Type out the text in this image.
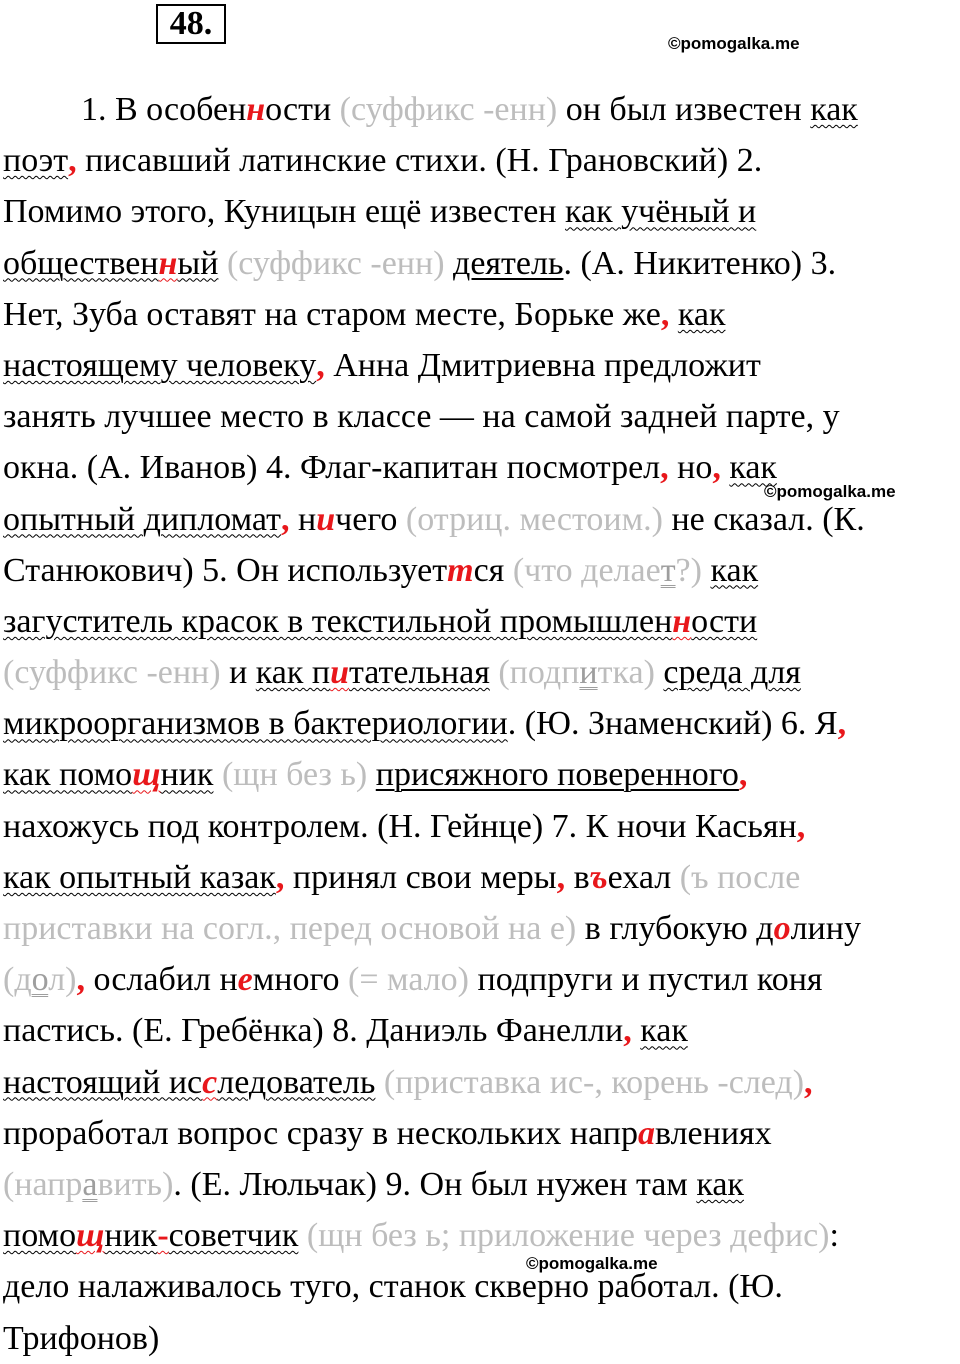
48.
©pomogalka.me
©pomogalka.me
©pomogalka.me
1. В особенности (суффикс -енн) он был известен как
поэт, писавший латинские стихи. (Н. Грановский) 2.
Помимо этого, Куницын ещё известен как учёный и
общественный (суффикс -енн) деятель. (А. Никитенко) 3.
Нет, Зуба оставят на старом месте, Борьке же, как
настоящему человеку, Анна Дмитриевна предложит
занять лучшее место в классе — на самой задней парте, у
окна. (А. Иванов) 4. Флаг-капитан посмотрел, но, как
опытный дипломат, ничего (отриц. местоим.) не сказал. (К.
Станюкович) 5. Он используеттся (что делает?) как
загуститель красок в текстильной промышленности
(суффикс -енн) и как питательная (подпитка) среда для
микроорганизмов в бактериологии. (Ю. Знаменский) 6. Я,
как помощник (щн без ь) присяжного поверенного,
нахожусь под контролем. (Н. Гейнце) 7. К ночи Касьян,
как опытный казак, принял свои меры, въехал (ъ после
приставки на согл., перед основой на е) в глубокую долину
(дол), ослабил немного (= мало) подпруги и пустил коня
пастись. (Е. Гребёнка) 8. Даниэль Фанелли, как
настоящий исследователь (приставка ис-, корень -след),
проработал вопрос сразу в нескольких направлениях
(направить). (Е. Люльчак) 9. Он был нужен там как
помощник-советчик (щн без ь; приложение через дефис):
дело налаживалось туго, станок скверно работал. (Ю.
Трифонов)
